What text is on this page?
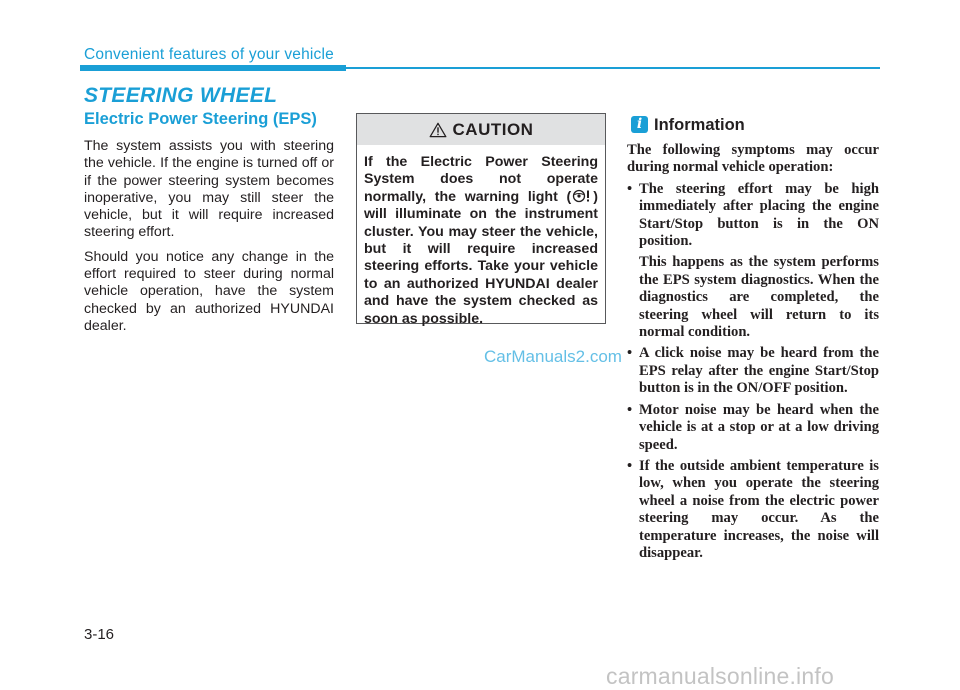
Convenient features of your vehicle
STEERING WHEEL
Electric Power Steering (EPS)

The system assists you with steering the vehicle. If the engine is turned off or if the power steering system becomes inoperative, you may still steer the vehicle, but it will require increased steering effort.

Should you notice any change in the effort required to steer during normal vehicle operation, have the system checked by an authorized HYUNDAI dealer.

CAUTION
If the Electric Power Steering System does not operate normally, the warning light ( ) will illuminate on the instrument cluster. You may steer the vehicle, but it will require increased steering efforts. Take your vehicle to an authorized HYUNDAI dealer and have the system checked as soon as possible.
CarManuals2.com
i Information

The following symptoms may occur during normal vehicle operation:

• The steering effort may be high immediately after placing the engine Start/Stop button is in the ON position.
This happens as the system performs the EPS system diagnostics. When the diagnostics are completed, the steering wheel will return to its normal condition.
• A click noise may be heard from the EPS relay after the engine Start/Stop button is in the ON/OFF position.
• Motor noise may be heard when the vehicle is at a stop or at a low driving speed.
• If the outside ambient temperature is low, when you operate the steering wheel a noise from the electric power steering may occur. As the temperature increases, the noise will disappear.
3-16
carmanualsonline.info
